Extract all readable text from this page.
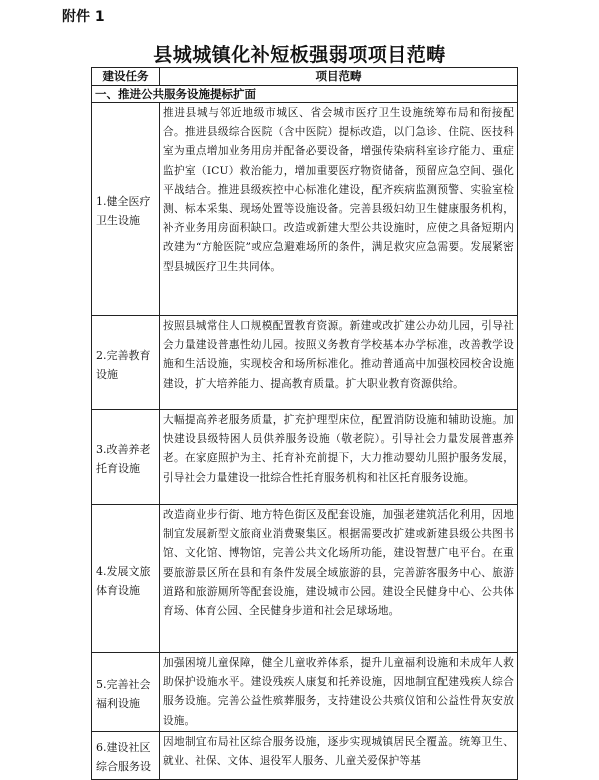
附件 1
县城城镇化补短板强弱项项目范畴
建设任务	项目范畴
一、推进公共服务设施提标扩面	
1.健全医疗卫生设施	推进县城与邻近地级市城区、省会城市医疗卫生设施统筹布局和衔接配合。推进县级综合医院（含中医院）提标改造，以门急诊、住院、医技科室为重点增加业务用房并配备必要设备，增强传染病科室诊疗能力、重症监护室（ICU）救治能力，增加重要医疗物资储备，预留应急空间、强化平战结合。推进县级疾控中心标准化建设，配齐疾病监测预警、实验室检测、标本采集、现场处置等设施设备。完善县级妇幼卫生健康服务机构，补齐业务用房面积缺口。改造或新建大型公共设施时，应使之具备短期内改建为“方舱医院”或应急避难场所的条件，满足救灾应急需要。发展紧密型县城医疗卫生共同体。
2.完善教育设施	按照县城常住人口规模配置教育资源。新建或改扩建公办幼儿园，引导社会力量建设普惠性幼儿园。按照义务教育学校基本办学标准，改善教学设施和生活设施，实现校舍和场所标准化。推动普通高中加强校园校舍设施建设，扩大培养能力、提高教育质量。扩大职业教育资源供给。
3.改善养老托育设施	大幅提高养老服务质量，扩充护理型床位，配置消防设施和辅助设施。加快建设县级特困人员供养服务设施（敬老院）。引导社会力量发展普惠养老。在家庭照护为主、托育补充前提下，大力推动婴幼儿照护服务发展，引导社会力量建设一批综合性托育服务机构和社区托育服务设施。
4.发展文旅体育设施	改造商业步行街、地方特色街区及配套设施，加强老建筑活化利用，因地制宜发展新型文旅商业消费聚集区。根据需要改扩建或新建县级公共图书馆、文化馆、博物馆，完善公共文化场所功能，建设智慧广电平台。在重要旅游景区所在县和有条件发展全域旅游的县，完善游客服务中心、旅游道路和旅游厕所等配套设施，建设城市公园。建设全民健身中心、公共体育场、体育公园、全民健身步道和社会足球场地。
5.完善社会福利设施	加强困境儿童保障，健全儿童收养体系，提升儿童福利设施和未成年人救助保护设施水平。建设残疾人康复和托养设施，因地制宜配建残疾人综合服务设施。完善公益性殡葬服务，支持建设公共殡仪馆和公益性骨灰安放设施。
6.建设社区综合服务设	因地制宜布局社区综合服务设施，逐步实现城镇居民全覆盖。统筹卫生、就业、社保、文体、退役军人服务、儿童关爱保护等基
